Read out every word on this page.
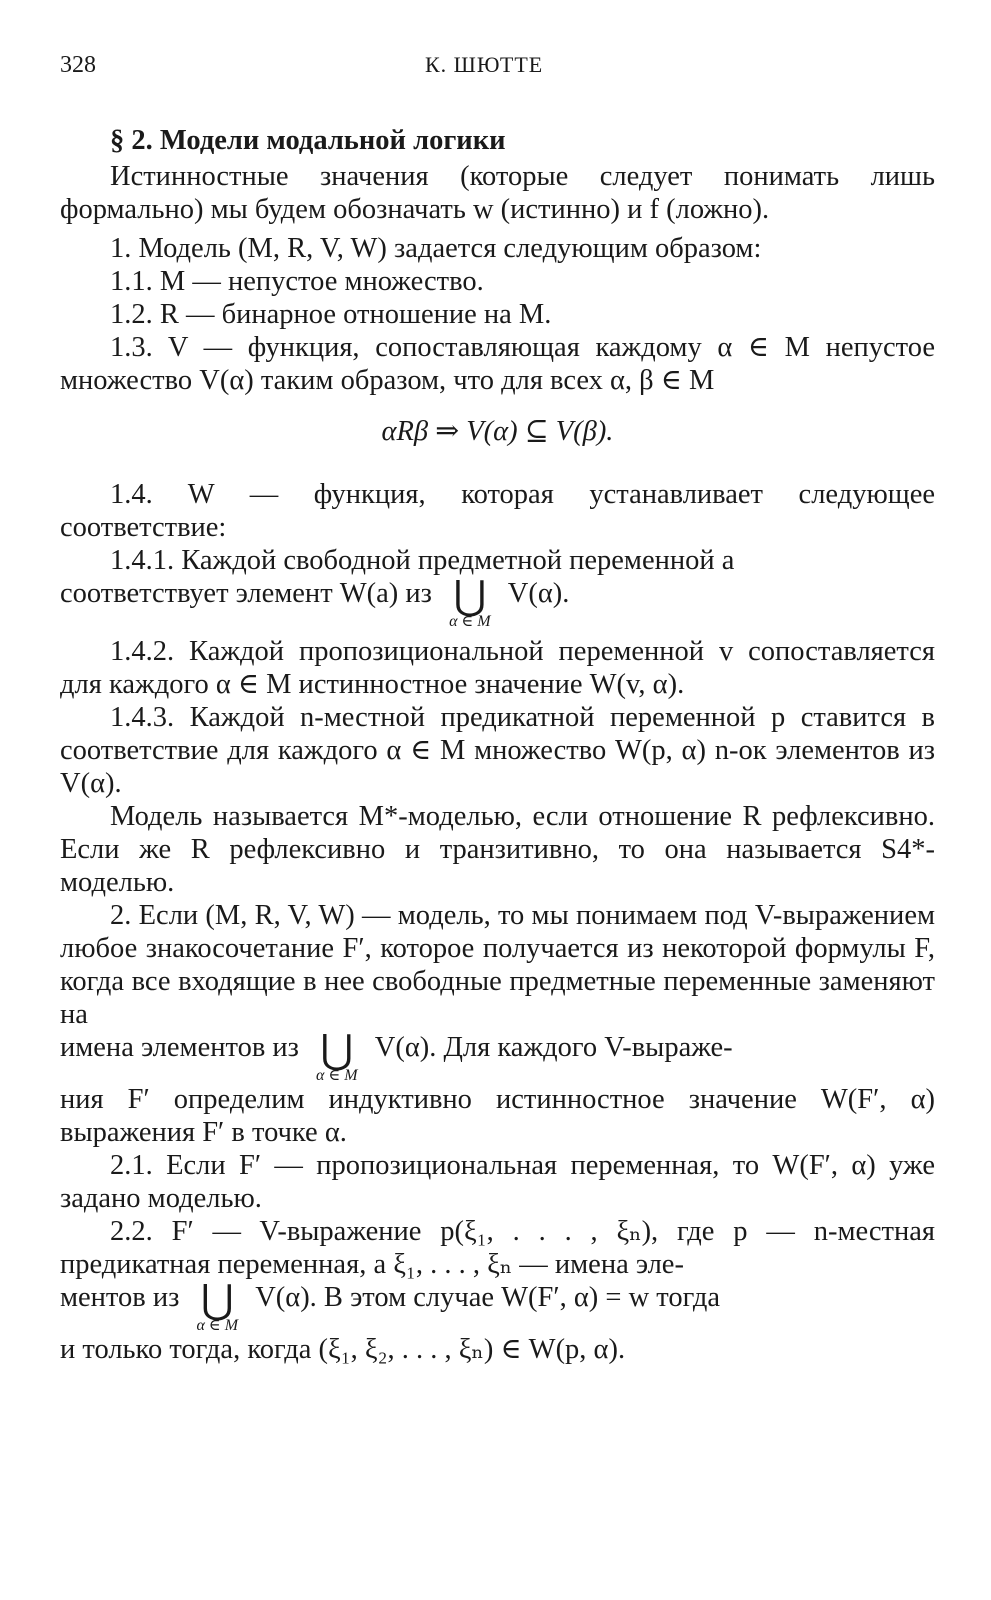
328	К. ШЮТТЕ
§ 2. Модели модальной логики

Истинностные значения (которые следует понимать лишь формально) мы будем обозначать w (истинно) и f (ложно).

1. Модель (M, R, V, W) задается следующим образом:

1.1. M — непустое множество.

1.2. R — бинарное отношение на M.

1.3. V — функция, сопоставляющая каждому α ∈ M непустое множество V(α) таким образом, что для всех α, β ∈ M

αRβ ⇒ V(α) ⊆ V(β).

1.4. W — функция, которая устанавливает следующее соответствие:

1.4.1. Каждой свободной предметной переменной a

соответствует элемент W(a) из ⋃
α ∈ M
V(α).

1.4.2. Каждой пропозициональной переменной v сопоставляется для каждого α ∈ M истинностное значение W(v, α).

1.4.3. Каждой n-местной предикатной переменной p ставится в соответствие для каждого α ∈ M множество W(p, α) n-ок элементов из V(α).

Модель называется M*-моделью, если отношение R рефлексивно. Если же R рефлексивно и транзитивно, то она называется S4*-моделью.

2. Если (M, R, V, W) — модель, то мы понимаем под V-выражением любое знакосочетание F′, которое получается из некоторой формулы F, когда все входящие в нее свободные предметные переменные заменяют на

имена элементов из ⋃
α ∈ M
V(α). Для каждого V-выраже-

ния F′ определим индуктивно истинностное значение W(F′, α) выражения F′ в точке α.

2.1. Если F′ — пропозициональная переменная, то W(F′, α) уже задано моделью.

2.2. F′ — V-выражение p(ξ₁, . . . , ξₙ), где p — n-местная предикатная переменная, а ξ₁, . . . , ξₙ — имена эле-

ментов из ⋃
α ∈ M
V(α). В этом случае W(F′, α) = w тогда

и только тогда, когда (ξ₁, ξ₂, . . . , ξₙ) ∈ W(p, α).
